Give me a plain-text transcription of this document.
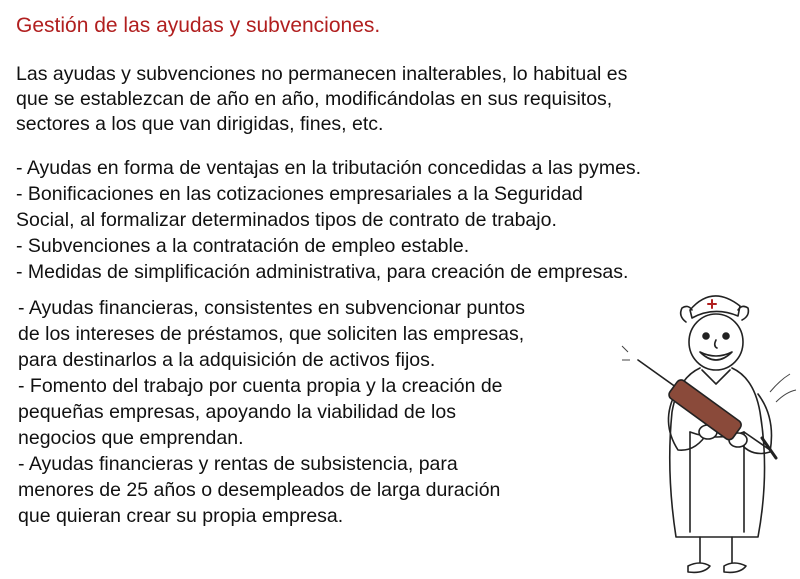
Gestión de las ayudas y subvenciones.
Las ayudas y subvenciones no permanecen inalterables, lo habitual es
que se establezcan de año en año, modificándolas en sus requisitos,
sectores a los que van dirigidas, fines, etc.
- Ayudas en forma de ventajas en la tributación concedidas a las pymes.
- Bonificaciones en las cotizaciones empresariales a la Seguridad
Social, al formalizar determinados tipos de contrato de trabajo.
- Subvenciones a la contratación de empleo estable.
- Medidas de simplificación administrativa, para creación de empresas.
- Ayudas financieras, consistentes en subvencionar puntos
de los intereses de préstamos, que soliciten las empresas,
para destinarlos a la adquisición de activos fijos.
- Fomento del trabajo por cuenta propia y la creación de
pequeñas empresas, apoyando la viabilidad de los
negocios que emprendan.
- Ayudas financieras y rentas de subsistencia, para
menores de 25 años o desempleados de larga duración
que quieran crear su propia empresa.
